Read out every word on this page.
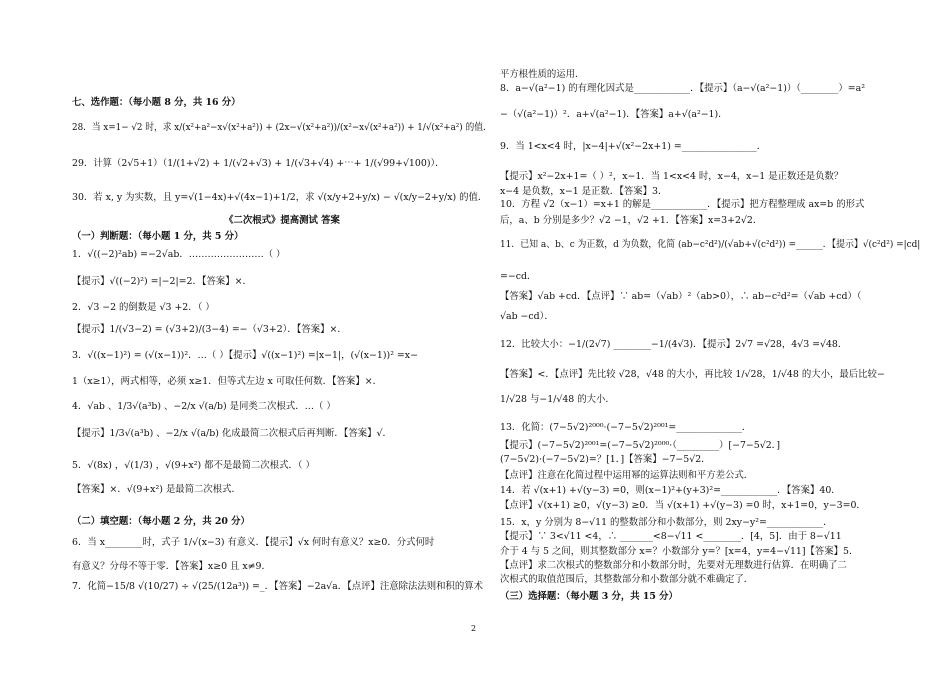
七、选作题：（每小题 8 分，共 16 分）
28．当 x=1− √2 时，求 x/(x²+a²−x√(x²+a²)) + (2x−√(x²+a²))/(x²−x√(x²+a²)) + 1/√(x²+a²) 的值．
29．计算（2√5+1）（1/(1+√2) + 1/(√2+√3) + 1/(√3+√4) +⋯+ 1/(√99+√100)）．
30．若 x, y 为实数，且 y=√(1−4x)+√(4x−1)+1/2，求 √(x/y+2+y/x) − √(x/y−2+y/x) 的值．
《二次根式》提高测试 答案
（一）判断题：（每小题 1 分，共 5 分）
1．√((−2)²ab) =−2√ab．……………………（ ）
【提示】√((−2)²) =|−2|=2．【答案】×．
2．√3 −2 的倒数是 √3 +2．（ ）
【提示】1/(√3−2) = (√3+2)/(3−4) =−（√3+2）．【答案】×．
3．√((x−1)²) = (√(x−1))²．…（ ）【提示】√((x−1)²) =|x−1|，(√(x−1))² =x−
1（x≥1），两式相等，必须 x≥1．但等式左边 x 可取任何数．【答案】×．
4．√ab 、1/3√(a³b) 、−2/x √(a/b) 是同类二次根式．…（ ）
【提示】1/3√(a³b) 、−2/x √(a/b) 化成最简二次根式后再判断．【答案】√．
5．√(8x) ，√(1/3) ，√(9+x²) 都不是最简二次根式．（ ）
【答案】×．√(9+x²) 是最简二次根式．
（二）填空题：（每小题 2 分，共 20 分）
6．当 x________时，式子 1/√(x−3) 有意义．【提示】√x 何时有意义？x≥0．分式何时
有意义？分母不等于零．【答案】x≥0 且 x≠9．
7．化简−15/8 √(10/27) ÷ √(25/(12a³)) =_．【答案】−2a√a．【点评】注意除法法则和积的算术
平方根性质的运用．
8．a−√(a²−1) 的有理化因式是____________．【提示】（a−√(a²−1)）（________）=a²
−（√(a²−1)）²．a+√(a²−1)．【答案】a+√(a²−1)．
9．当 1<x<4 时，|x−4|+√(x²−2x+1) =________________．
【提示】x²−2x+1=（ ）²，x−1．当 1<x<4 时，x−4，x−1 是正数还是负数？
x−4 是负数，x−1 是正数．【答案】3．
10．方程 √2（x−1）=x+1 的解是____________．【提示】把方程整理成 ax=b 的形式
后，a、b 分别是多少？√2 −1，√2 +1．【答案】x=3+2√2．
11．已知 a、b、c 为正数，d 为负数，化简 (ab−c²d²)/(√ab+√(c²d²)) =______．【提示】√(c²d²) =|cd|
=−cd．
【答案】√ab +cd．【点评】∵ ab=（√ab）²（ab>0），∴ ab−c²d²=（√ab +cd）（
√ab −cd）．
12．比较大小：−1/(2√7) ________−1/(4√3)．【提示】2√7 =√28，4√3 =√48．
【答案】<．【点评】先比较 √28，√48 的大小，再比较 1/√28，1/√48 的大小，最后比较−
1/√28 与−1/√48 的大小．
13．化简：(7−5√2)²⁰⁰⁰·(−7−5√2)²⁰⁰¹=______________．
【提示】(−7−5√2)²⁰⁰¹=(−7−5√2)²⁰⁰⁰·（_________）[−7−5√2．]
(7−5√2)·(−7−5√2)=？[1．]【答案】−7−5√2．
【点评】注意在化简过程中运用幂的运算法则和平方差公式．
14．若 √(x+1) +√(y−3) =0，则(x−1)²+(y+3)²=____________．【答案】40．
【点评】√(x+1) ≥0，√(y−3) ≥0．当 √(x+1) +√(y−3) =0 时，x+1=0，y−3=0．
15．x，y 分别为 8−√11 的整数部分和小数部分，则 2xy−y²=____________．
【提示】∵ 3<√11 <4，∴ _______<8−√11 <________．[4，5]．由于 8−√11
介于 4 与 5 之间，则其整数部分 x=？小数部分 y=？[x=4，y=4−√11]【答案】5．
【点评】求二次根式的整数部分和小数部分时，先要对无理数进行估算．在明确了二
次根式的取值范围后，其整数部分和小数部分就不难确定了．
（三）选择题：（每小题 3 分，共 15 分）
2
